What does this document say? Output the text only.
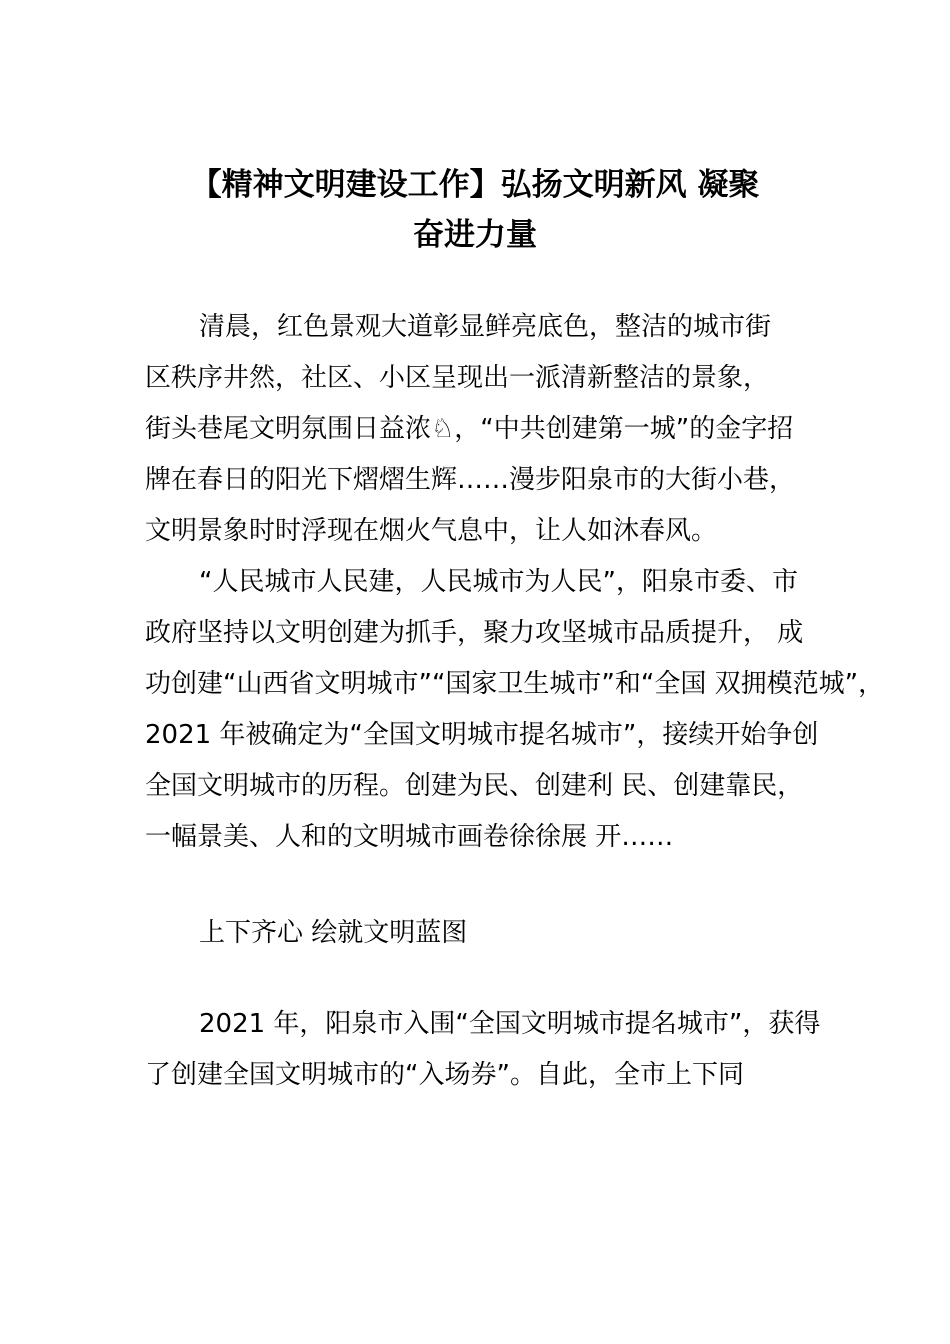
【精神文明建设工作】弘扬文明新风 凝聚
奋进力量
清晨，红色景观大道彰显鲜亮底色，整洁的城市街
区秩序井然，社区、小区呈现出一派清新整洁的景象，
街头巷尾文明氛围日益浓♘，“中共创建第一城”的金字招
牌在春日的阳光下熠熠生辉……漫步阳泉市的大街小巷，
文明景象时时浮现在烟火气息中，让人如沐春风。
“人民城市人民建，人民城市为人民”，阳泉市委、市
政府坚持以文明创建为抓手，聚力攻坚城市品质提升， 成
功创建“山西省文明城市”“国家卫生城市”和“全国 双拥模范城”，
2021 年被确定为“全国文明城市提名城市”，接续开始争创
全国文明城市的历程。创建为民、创建利 民、创建靠民，
一幅景美、人和的文明城市画卷徐徐展 开……
上下齐心 绘就文明蓝图
2021 年，阳泉市入围“全国文明城市提名城市”，获得
了创建全国文明城市的“入场券”。自此，全市上下同
